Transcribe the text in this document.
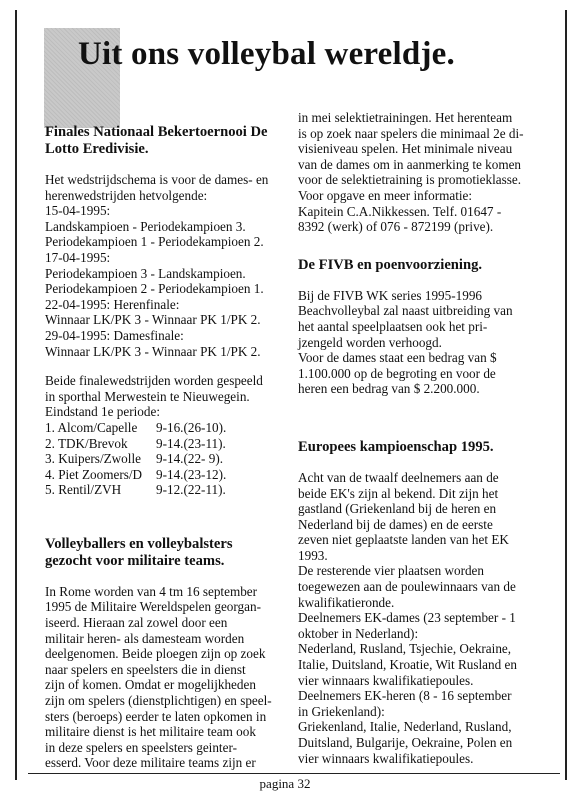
Uit ons volleybal wereldje.
Finales Nationaal Bekertoernooi De
Lotto Eredivisie.

Het wedstrijdschema is voor de dames- en
herenwedstrijden hetvolgende:
15-04-1995:
Landskampioen - Periodekampioen 3.
Periodekampioen 1 - Periodekampioen 2.
17-04-1995:
Periodekampioen 3 - Landskampioen.
Periodekampioen 2 - Periodekampioen 1.
22-04-1995: Herenfinale:
Winnaar LK/PK 3 - Winnaar PK 1/PK 2.
29-04-1995: Damesfinale:
Winnaar LK/PK 3 - Winnaar PK 1/PK 2.

Beide finalewedstrijden worden gespeeld
in sporthal Merwestein te Nieuwegein.
Eindstand 1e periode:

1. Alcom/Capelle	9-16.(26-10).
2. TDK/Brevok	9-14.(23-11).
3. Kuipers/Zwolle	9-14.(22- 9).
4. Piet Zoomers/D	9-14.(23-12).
5. Rentil/ZVH	9-12.(22-11).
Volleyballers en volleybalsters
gezocht voor militaire teams.

In Rome worden van 4 tm 16 september
1995 de Militaire Wereldspelen georgan-
iseerd. Hieraan zal zowel door een
militair heren- als damesteam worden
deelgenomen. Beide ploegen zijn op zoek
naar spelers en speelsters die in dienst
zijn of komen. Omdat er mogelijkheden
zijn om spelers (dienstplichtigen) en speel-
sters (beroeps) eerder te laten opkomen in
militaire dienst is het militaire team ook
in deze spelers en speelsters geinter-
esserd. Voor deze militaire teams zijn er

in mei selektietrainingen. Het herenteam
is op zoek naar spelers die minimaal 2e di-
visieniveau spelen. Het minimale niveau
van de dames om in aanmerking te komen
voor de selektietraining is promotieklasse.
Voor opgave en meer informatie:
Kapitein C.A.Nikkessen. Telf. 01647 -
8392 (werk) of 076 - 872199 (prive).

De FIVB en poenvoorziening.

Bij de FIVB WK series 1995-1996
Beachvolleybal zal naast uitbreiding van
het aantal speelplaatsen ook het pri-
jzengeld worden verhoogd.
Voor de dames staat een bedrag van $
1.100.000 op de begroting en voor de
heren een bedrag van $ 2.200.000.

Europees kampioenschap 1995.

Acht van de twaalf deelnemers aan de
beide EK's zijn al bekend. Dit zijn het
gastland (Griekenland bij de heren en
Nederland bij de dames) en de eerste
zeven niet geplaatste landen van het EK
1993.
De resterende vier plaatsen worden
toegewezen aan de poulewinnaars van de
kwalifikatieronde.
Deelnemers EK-dames (23 september - 1
oktober in Nederland):
Nederland, Rusland, Tsjechie, Oekraine,
Italie, Duitsland, Kroatie, Wit Rusland en
vier winnaars kwalifikatiepoules.
Deelnemers EK-heren (8 - 16 september
in Griekenland):
Griekenland, Italie, Nederland, Rusland,
Duitsland, Bulgarije, Oekraine, Polen en
vier winnaars kwalifikatiepoules.

pagina 32
